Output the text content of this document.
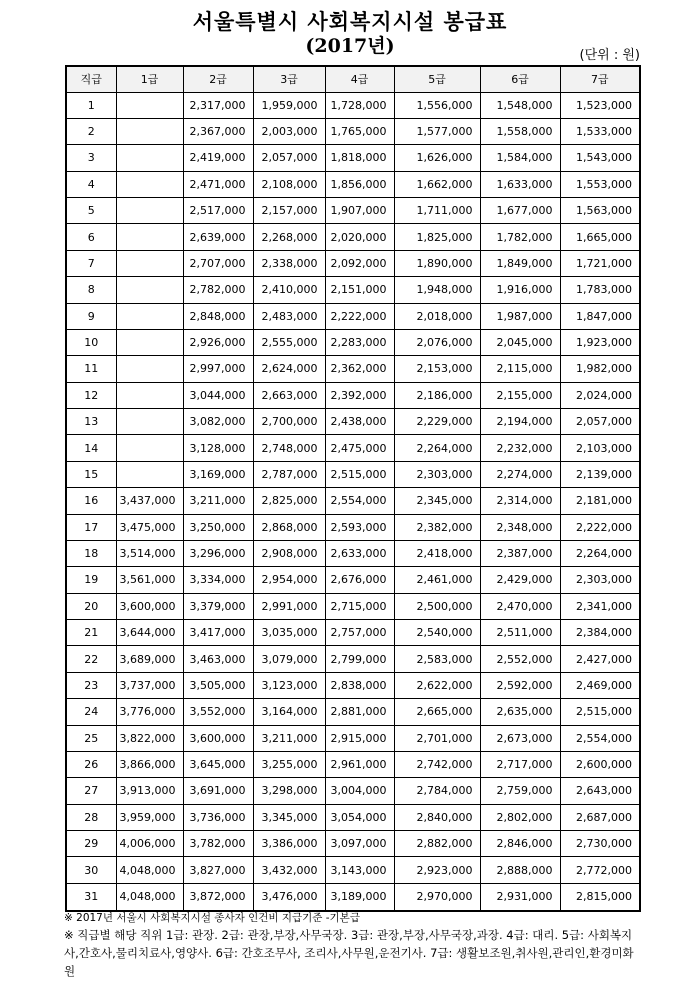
서울특별시 사회복지시설 봉급표
(2017년)	(단위 : 원)
직급	1급	2급	3급	4급	5급	6급	7급
1		2,317,000	1,959,000	1,728,000	1,556,000	1,548,000	1,523,000
2		2,367,000	2,003,000	1,765,000	1,577,000	1,558,000	1,533,000
3		2,419,000	2,057,000	1,818,000	1,626,000	1,584,000	1,543,000
4		2,471,000	2,108,000	1,856,000	1,662,000	1,633,000	1,553,000
5		2,517,000	2,157,000	1,907,000	1,711,000	1,677,000	1,563,000
6		2,639,000	2,268,000	2,020,000	1,825,000	1,782,000	1,665,000
7		2,707,000	2,338,000	2,092,000	1,890,000	1,849,000	1,721,000
8		2,782,000	2,410,000	2,151,000	1,948,000	1,916,000	1,783,000
9		2,848,000	2,483,000	2,222,000	2,018,000	1,987,000	1,847,000
10		2,926,000	2,555,000	2,283,000	2,076,000	2,045,000	1,923,000
11		2,997,000	2,624,000	2,362,000	2,153,000	2,115,000	1,982,000
12		3,044,000	2,663,000	2,392,000	2,186,000	2,155,000	2,024,000
13		3,082,000	2,700,000	2,438,000	2,229,000	2,194,000	2,057,000
14		3,128,000	2,748,000	2,475,000	2,264,000	2,232,000	2,103,000
15		3,169,000	2,787,000	2,515,000	2,303,000	2,274,000	2,139,000
16	3,437,000	3,211,000	2,825,000	2,554,000	2,345,000	2,314,000	2,181,000
17	3,475,000	3,250,000	2,868,000	2,593,000	2,382,000	2,348,000	2,222,000
18	3,514,000	3,296,000	2,908,000	2,633,000	2,418,000	2,387,000	2,264,000
19	3,561,000	3,334,000	2,954,000	2,676,000	2,461,000	2,429,000	2,303,000
20	3,600,000	3,379,000	2,991,000	2,715,000	2,500,000	2,470,000	2,341,000
21	3,644,000	3,417,000	3,035,000	2,757,000	2,540,000	2,511,000	2,384,000
22	3,689,000	3,463,000	3,079,000	2,799,000	2,583,000	2,552,000	2,427,000
23	3,737,000	3,505,000	3,123,000	2,838,000	2,622,000	2,592,000	2,469,000
24	3,776,000	3,552,000	3,164,000	2,881,000	2,665,000	2,635,000	2,515,000
25	3,822,000	3,600,000	3,211,000	2,915,000	2,701,000	2,673,000	2,554,000
26	3,866,000	3,645,000	3,255,000	2,961,000	2,742,000	2,717,000	2,600,000
27	3,913,000	3,691,000	3,298,000	3,004,000	2,784,000	2,759,000	2,643,000
28	3,959,000	3,736,000	3,345,000	3,054,000	2,840,000	2,802,000	2,687,000
29	4,006,000	3,782,000	3,386,000	3,097,000	2,882,000	2,846,000	2,730,000
30	4,048,000	3,827,000	3,432,000	3,143,000	2,923,000	2,888,000	2,772,000
31	4,048,000	3,872,000	3,476,000	3,189,000	2,970,000	2,931,000	2,815,000
※ 2017년 서울시 사회복지시설 종사자 인건비 지급기준 -기본급
※ 직급별 해당 직위 1급: 관장. 2급: 관장,부장,사무국장. 3급: 관장,부장,사무국장,과장. 4급: 대리. 5급: 사회복지사,간호사,물리치료사,영양사. 6급: 간호조무사, 조리사,사무원,운전기사. 7급: 생활보조원,취사원,관리인,환경미화원
